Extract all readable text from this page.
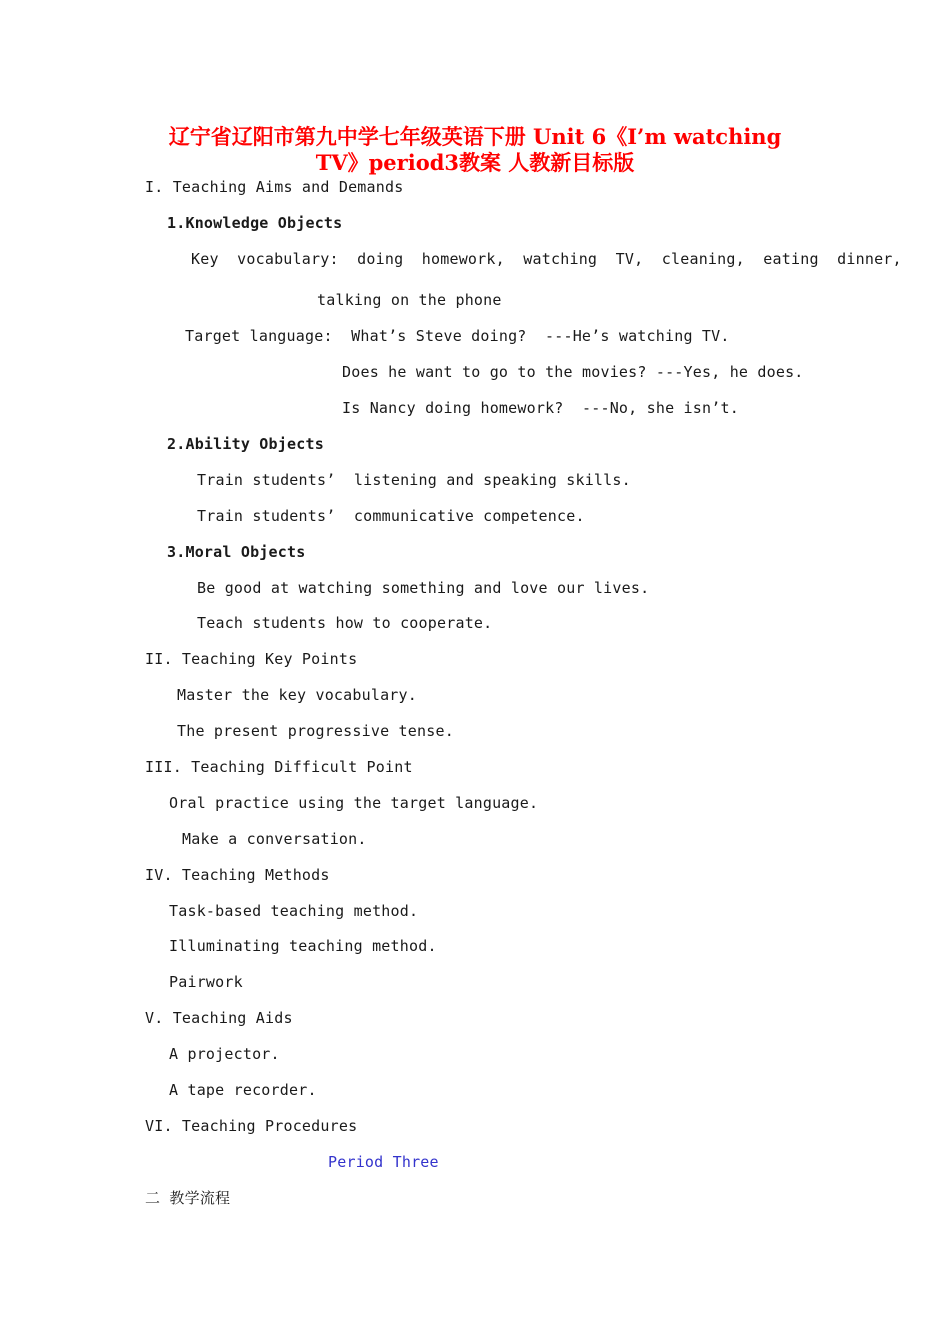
辽宁省辽阳市第九中学七年级英语下册 Unit 6《I’m watching
TV》period3教案 人教新目标版
I. Teaching Aims and Demands
1.Knowledge Objects
Key  vocabulary:  doing  homework,  watching  TV,  cleaning,  eating  dinner,
talking on the phone
Target language:  What’s Steve doing?  ---He’s watching TV.
Does he want to go to the movies? ---Yes, he does.
Is Nancy doing homework?  ---No, she isn’t.
2.Ability Objects
Train students’  listening and speaking skills.
Train students’  communicative competence.
3.Moral Objects
Be good at watching something and love our lives.
Teach students how to cooperate.
II. Teaching Key Points
Master the key vocabulary.
The present progressive tense.
III. Teaching Difficult Point
Oral practice using the target language.
Make a conversation.
IV. Teaching Methods
Task-based teaching method.
Illuminating teaching method.
Pairwork
V. Teaching Aids
A projector.
A tape recorder.
VI. Teaching Procedures
Period Three
二 教学流程
